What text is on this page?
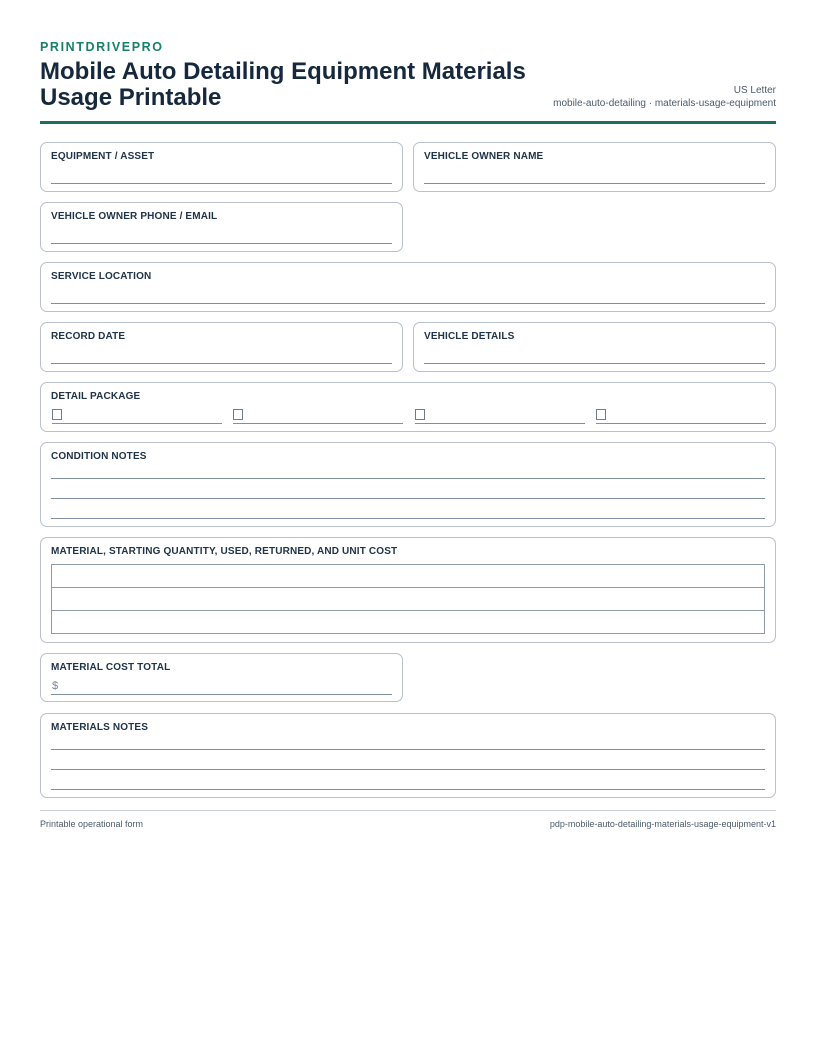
PRINTDRIVEPRO
Mobile Auto Detailing Equipment Materials Usage Printable	US Letter
mobile-auto-detailing · materials-usage-equipment
EQUIPMENT / ASSET	VEHICLE OWNER NAME
VEHICLE OWNER PHONE / EMAIL
SERVICE LOCATION
RECORD DATE	VEHICLE DETAILS
DETAIL PACKAGE
CONDITION NOTES
MATERIAL, STARTING QUANTITY, USED, RETURNED, AND UNIT COST

MATERIAL COST TOTAL
$
MATERIALS NOTES
Printable operational form	pdp-mobile-auto-detailing-materials-usage-equipment-v1
